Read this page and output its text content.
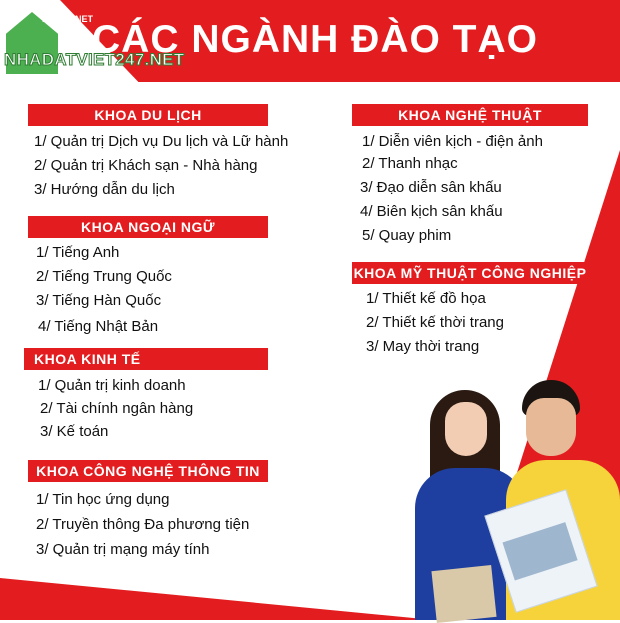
CÁC NGÀNH ĐÀO TẠO
NHADONET
NHADATVIET247.NET
KHOA DU LỊCH
1/ Quản trị Dịch vụ Du lịch và Lữ hành
2/ Quản trị Khách sạn - Nhà hàng
3/ Hướng dẫn du lịch
KHOA NGOẠI NGỮ
1/ Tiếng Anh
2/ Tiếng Trung Quốc
3/ Tiếng Hàn Quốc
4/ Tiếng Nhật Bản
KHOA KINH TẾ
1/ Quản trị kinh doanh
2/ Tài chính ngân hàng
3/ Kế toán
KHOA CÔNG NGHỆ THÔNG TIN
1/ Tin học ứng dụng
2/ Truyền thông Đa phương tiện
3/ Quản trị mạng máy tính
KHOA NGHỆ THUẬT
1/ Diễn viên kịch - điện ảnh
2/ Thanh nhạc
3/ Đạo diễn sân khấu
4/ Biên kịch sân khấu
5/ Quay phim
KHOA MỸ THUẬT CÔNG NGHIỆP
1/ Thiết kế đồ họa
2/ Thiết kế thời trang
3/ May thời trang
